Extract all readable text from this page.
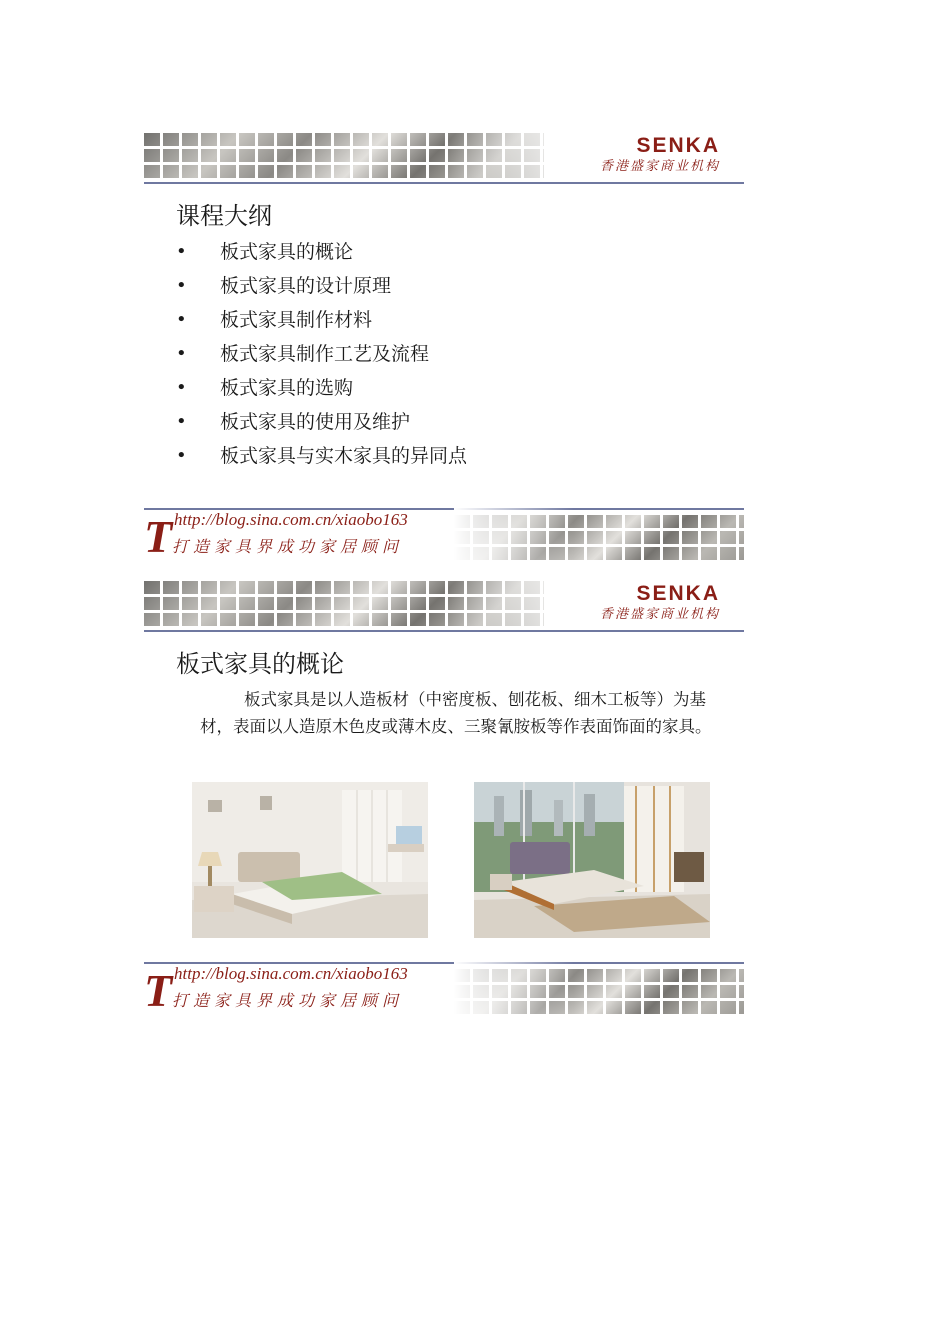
SENKA
香港盛家商业机构
课程大纲
• 板式家具的概论
• 板式家具的设计原理
• 板式家具制作材料
• 板式家具制作工艺及流程
• 板式家具的选购
• 板式家具的使用及维护
• 板式家具与实木家具的异同点
T http://blog.sina.com.cn/xiaobo163
打造家具界成功家居顾问
SENKA
香港盛家商业机构
板式家具的概论

板式家具是以人造板材（中密度板、刨花板、细木工板等）为基材，表面以人造原木色皮或薄木皮、三聚氰胺板等作表面饰面的家具。

T http://blog.sina.com.cn/xiaobo163
打造家具界成功家居顾问
